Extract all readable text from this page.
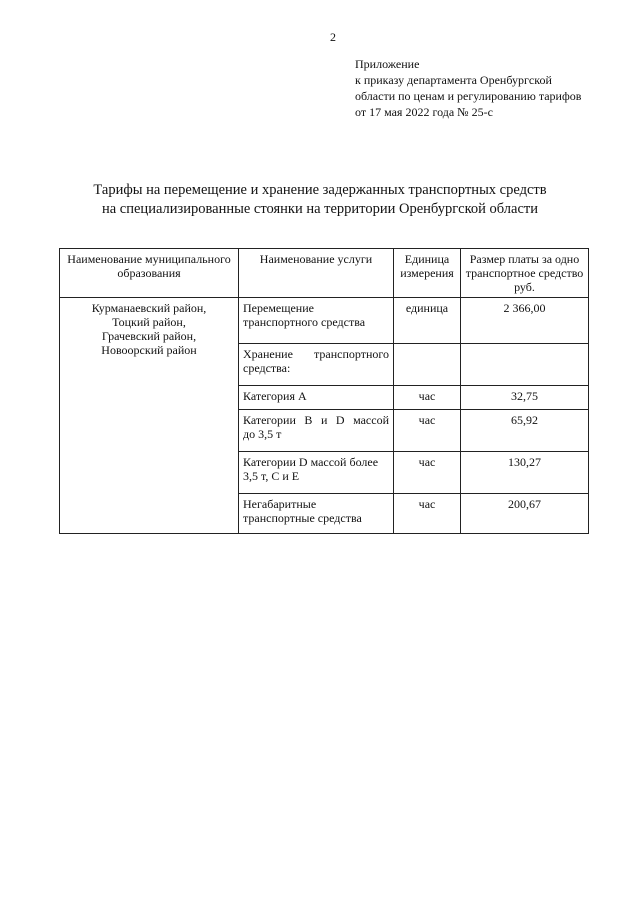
2
Приложение
к приказу департамента Оренбургской
области по ценам и регулированию тарифов
от 17 мая 2022 года № 25-с
Тарифы на перемещение и хранение задержанных транспортных средств
на специализированные стоянки на территории Оренбургской области
Наименование муниципального образования	Наименование услуги	Единица измерения	Размер платы за одно транспортное средство руб.

Курманаевский район,
Тоцкий район,
Грачевский район,
Новоорский район	Перемещение
транспортного средства	единица	2 366,00

	Хранение транспортного
средства:		

	Категория А	час	32,75

	Категории В и D массой
до 3,5 т	час	65,92

	Категории D массой более
3,5 т, С и Е	час	130,27

	Негабаритные
транспортные средства	час	200,67
